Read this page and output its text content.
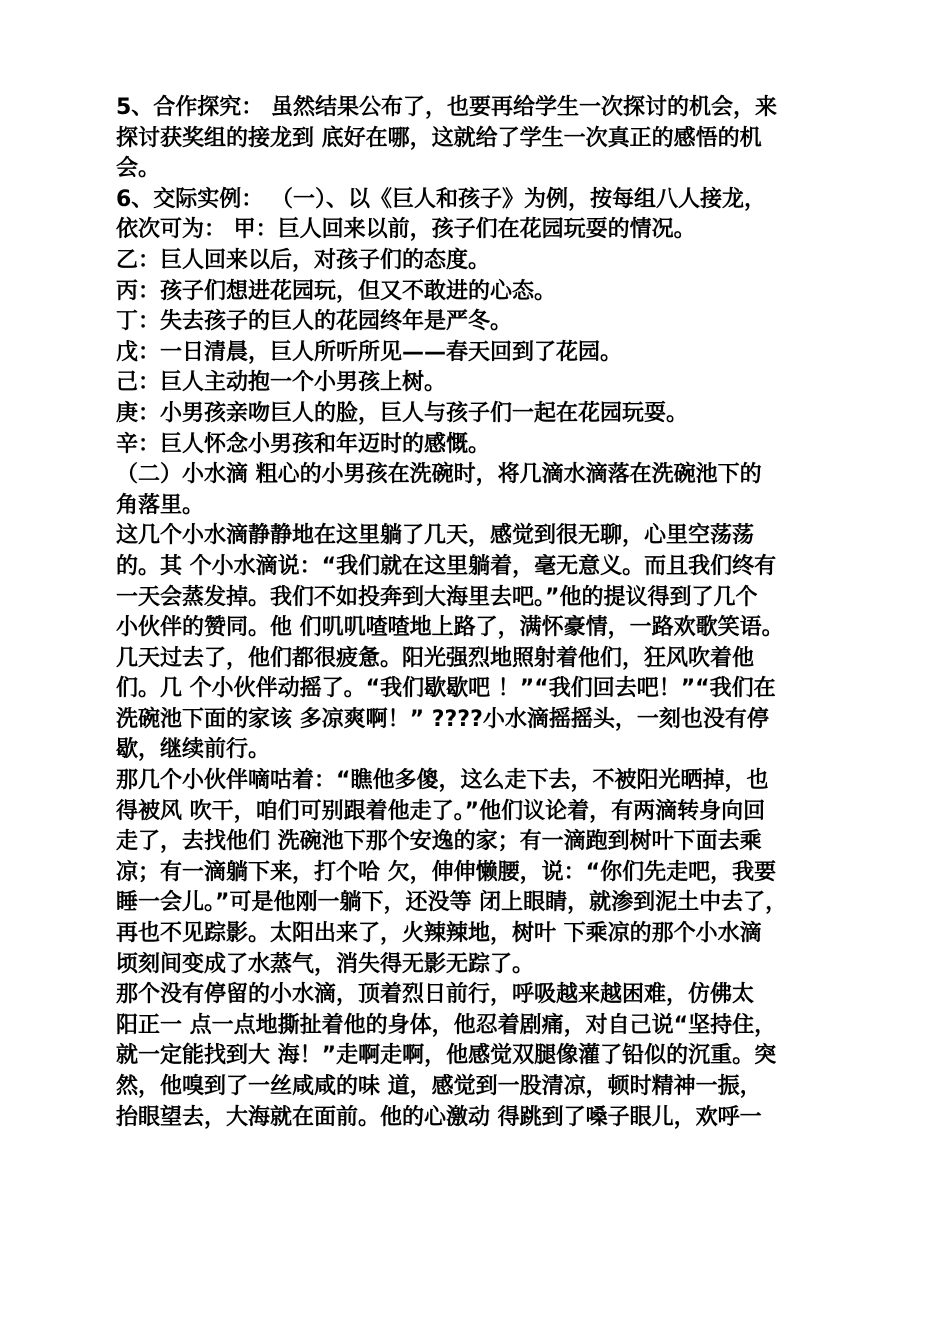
5、合作探究： 虽然结果公布了，也要再给学生一次探讨的机会，来
探讨获奖组的接龙到 底好在哪，这就给了学生一次真正的感悟的机
会。
6、交际实例： （一）、以《巨人和孩子》为例，按每组八人接龙，
依次可为： 甲：巨人回来以前，孩子们在花园玩耍的情况。
乙：巨人回来以后，对孩子们的态度。
丙：孩子们想进花园玩，但又不敢进的心态。
丁：失去孩子的巨人的花园终年是严冬。
戊：一日清晨，巨人所听所见——春天回到了花园。
己：巨人主动抱一个小男孩上树。
庚：小男孩亲吻巨人的脸，巨人与孩子们一起在花园玩耍。
辛：巨人怀念小男孩和年迈时的感慨。
（二）小水滴 粗心的小男孩在洗碗时，将几滴水滴落在洗碗池下的
角落里。
这几个小水滴静静地在这里躺了几天，感觉到很无聊，心里空荡荡
的。其 个小水滴说：“我们就在这里躺着，毫无意义。而且我们终有
一天会蒸发掉。我们不如投奔到大海里去吧。”他的提议得到了几个
小伙伴的赞同。他 们叽叽喳喳地上路了，满怀豪情，一路欢歌笑语。
几天过去了，他们都很疲惫。阳光强烈地照射着他们，狂风吹着他
们。几 个小伙伴动摇了。“我们歇歇吧 ！”“我们回去吧！”“我们在
洗碗池下面的家该 多凉爽啊！” ????小水滴摇摇头，一刻也没有停
歇，继续前行。
那几个小伙伴嘀咕着：“瞧他多傻，这么走下去，不被阳光晒掉，也
得被风 吹干，咱们可别跟着他走了。”他们议论着，有两滴转身向回
走了，去找他们 洗碗池下那个安逸的家；有一滴跑到树叶下面去乘
凉；有一滴躺下来，打个哈 欠，伸伸懒腰，说：“你们先走吧，我要
睡一会儿。”可是他刚一躺下，还没等 闭上眼睛，就渗到泥土中去了，
再也不见踪影。太阳出来了，火辣辣地，树叶 下乘凉的那个小水滴
顷刻间变成了水蒸气，消失得无影无踪了。
那个没有停留的小水滴，顶着烈日前行，呼吸越来越困难，仿佛太
阳正一 点一点地撕扯着他的身体，他忍着剧痛，对自己说“坚持住，
就一定能找到大 海！”走啊走啊，他感觉双腿像灌了铅似的沉重。突
然，他嗅到了一丝咸咸的味 道，感觉到一股清凉，顿时精神一振，
抬眼望去，大海就在面前。他的心激动 得跳到了嗓子眼儿，欢呼一
